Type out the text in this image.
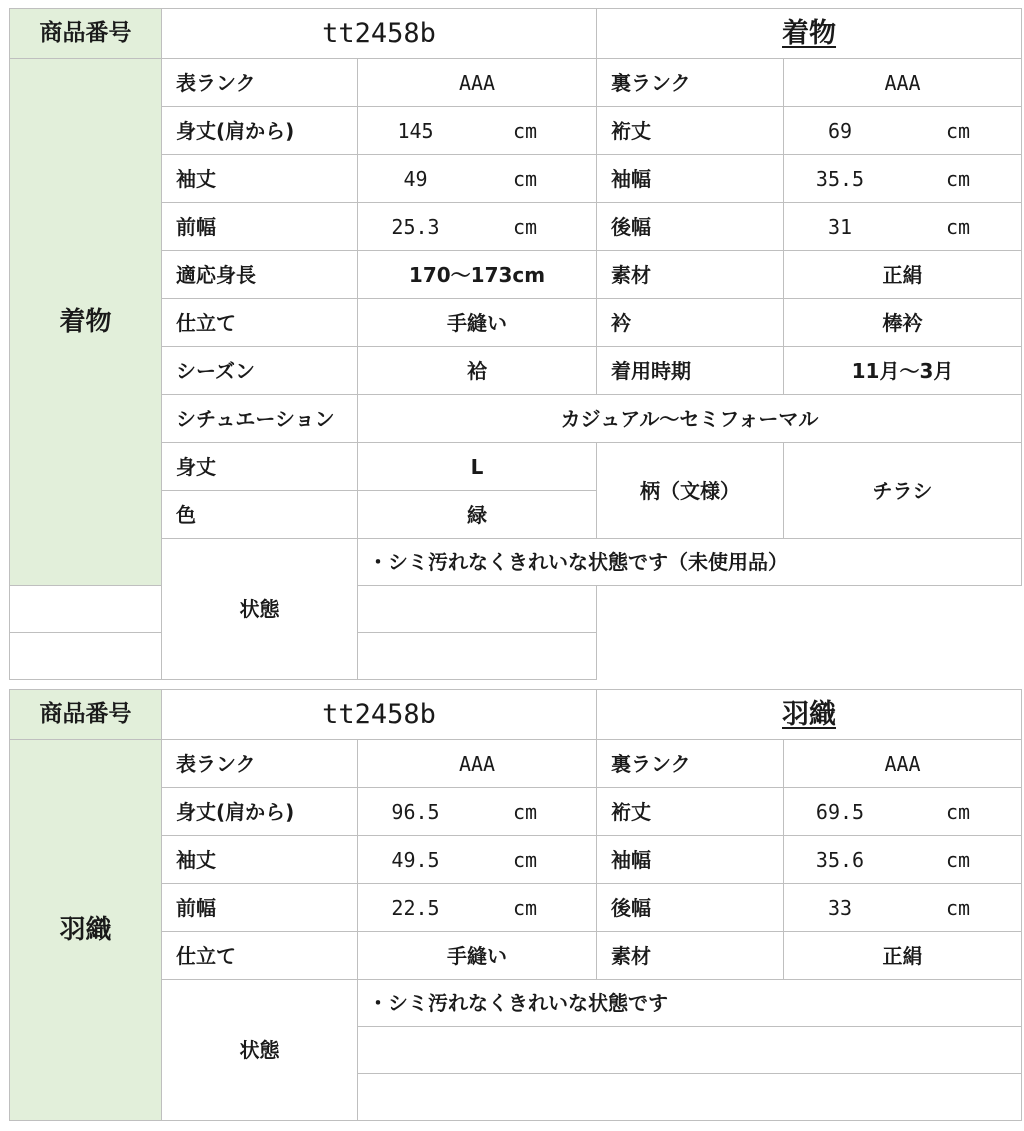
商品番号	tt2458b		着物	
着物	表ランク	AAA	裏ランク	AAA
	身丈(肩から)	145 cm	裄丈	69 cm

	袖丈	49 cm	袖幅	35.5 cm

	前幅	25.3 cm	後幅	31 cm

	適応身長	170～173cm	素材	正絹
	仕立て	手縫い	衿	棒衿
	シーズン	袷	着用時期	11月～3月
	シチュエーション	カジュアル～セミフォーマル		
	身丈	L	柄（文様）	チラシ
	色	緑		
	状態	・シミ汚れなくきれいな状態です（未使用品）		

商品番号	tt2458b		羽織	
羽織	表ランク	AAA	裏ランク	AAA
	身丈(肩から)	96.5 cm	裄丈	69.5 cm

	袖丈	49.5 cm	袖幅	35.6 cm

	前幅	22.5 cm	後幅	33 cm

	仕立て	手縫い	素材	正絹
	状態	・シミ汚れなくきれいな状態です		
